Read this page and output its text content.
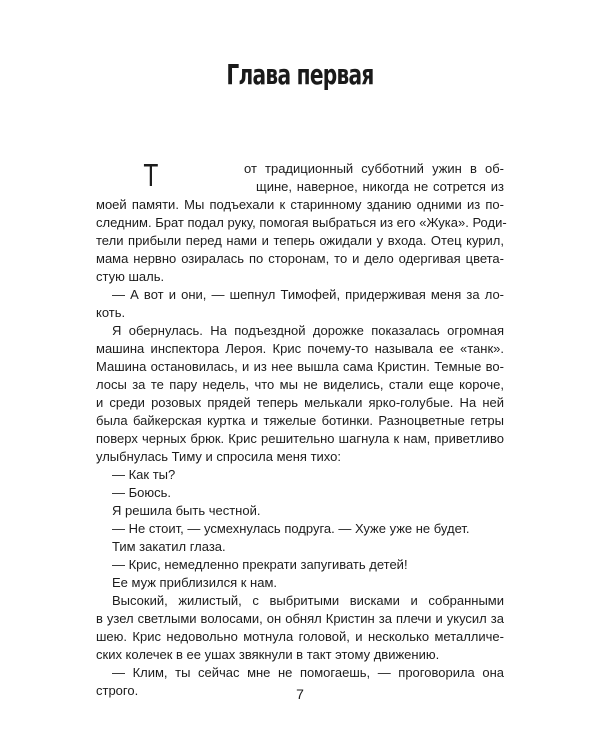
Глава первая
Т	от традиционный субботний ужин в об-
щине, наверное, никогда не сотрется из
моей памяти. Мы подъехали к старинному зданию одними из по-
следним. Брат подал руку, помогая выбраться из его «Жука». Роди-
тели прибыли перед нами и теперь ожидали у входа. Отец курил,
мама нервно озиралась по сторонам, то и дело одергивая цвета-
стую шаль.
— А вот и они, — шепнул Тимофей, придерживая меня за ло-
коть.
Я обернулась. На подъездной дорожке показалась огромная
машина инспектора Лероя. Крис почему-то называла ее «танк».
Машина остановилась, и из нее вышла сама Кристин. Темные во-
лосы за те пару недель, что мы не виделись, стали еще короче,
и среди розовых прядей теперь мелькали ярко-голубые. На ней
была байкерская куртка и тяжелые ботинки. Разноцветные гетры
поверх черных брюк. Крис решительно шагнула к нам, приветливо
улыбнулась Тиму и спросила меня тихо:
— Как ты?
— Боюсь.
Я решила быть честной.
— Не стоит, — усмехнулась подруга. — Хуже уже не будет.
Тим закатил глаза.
— Крис, немедленно прекрати запугивать детей!
Ее муж приблизился к нам.
Высокий, жилистый, с выбритыми висками и собранными
в узел светлыми волосами, он обнял Кристин за плечи и укусил за
шею. Крис недовольно мотнула головой, и несколько металличе-
ских колечек в ее ушах звякнули в такт этому движению.
— Клим, ты сейчас мне не помогаешь, — проговорила она
строго.	7
